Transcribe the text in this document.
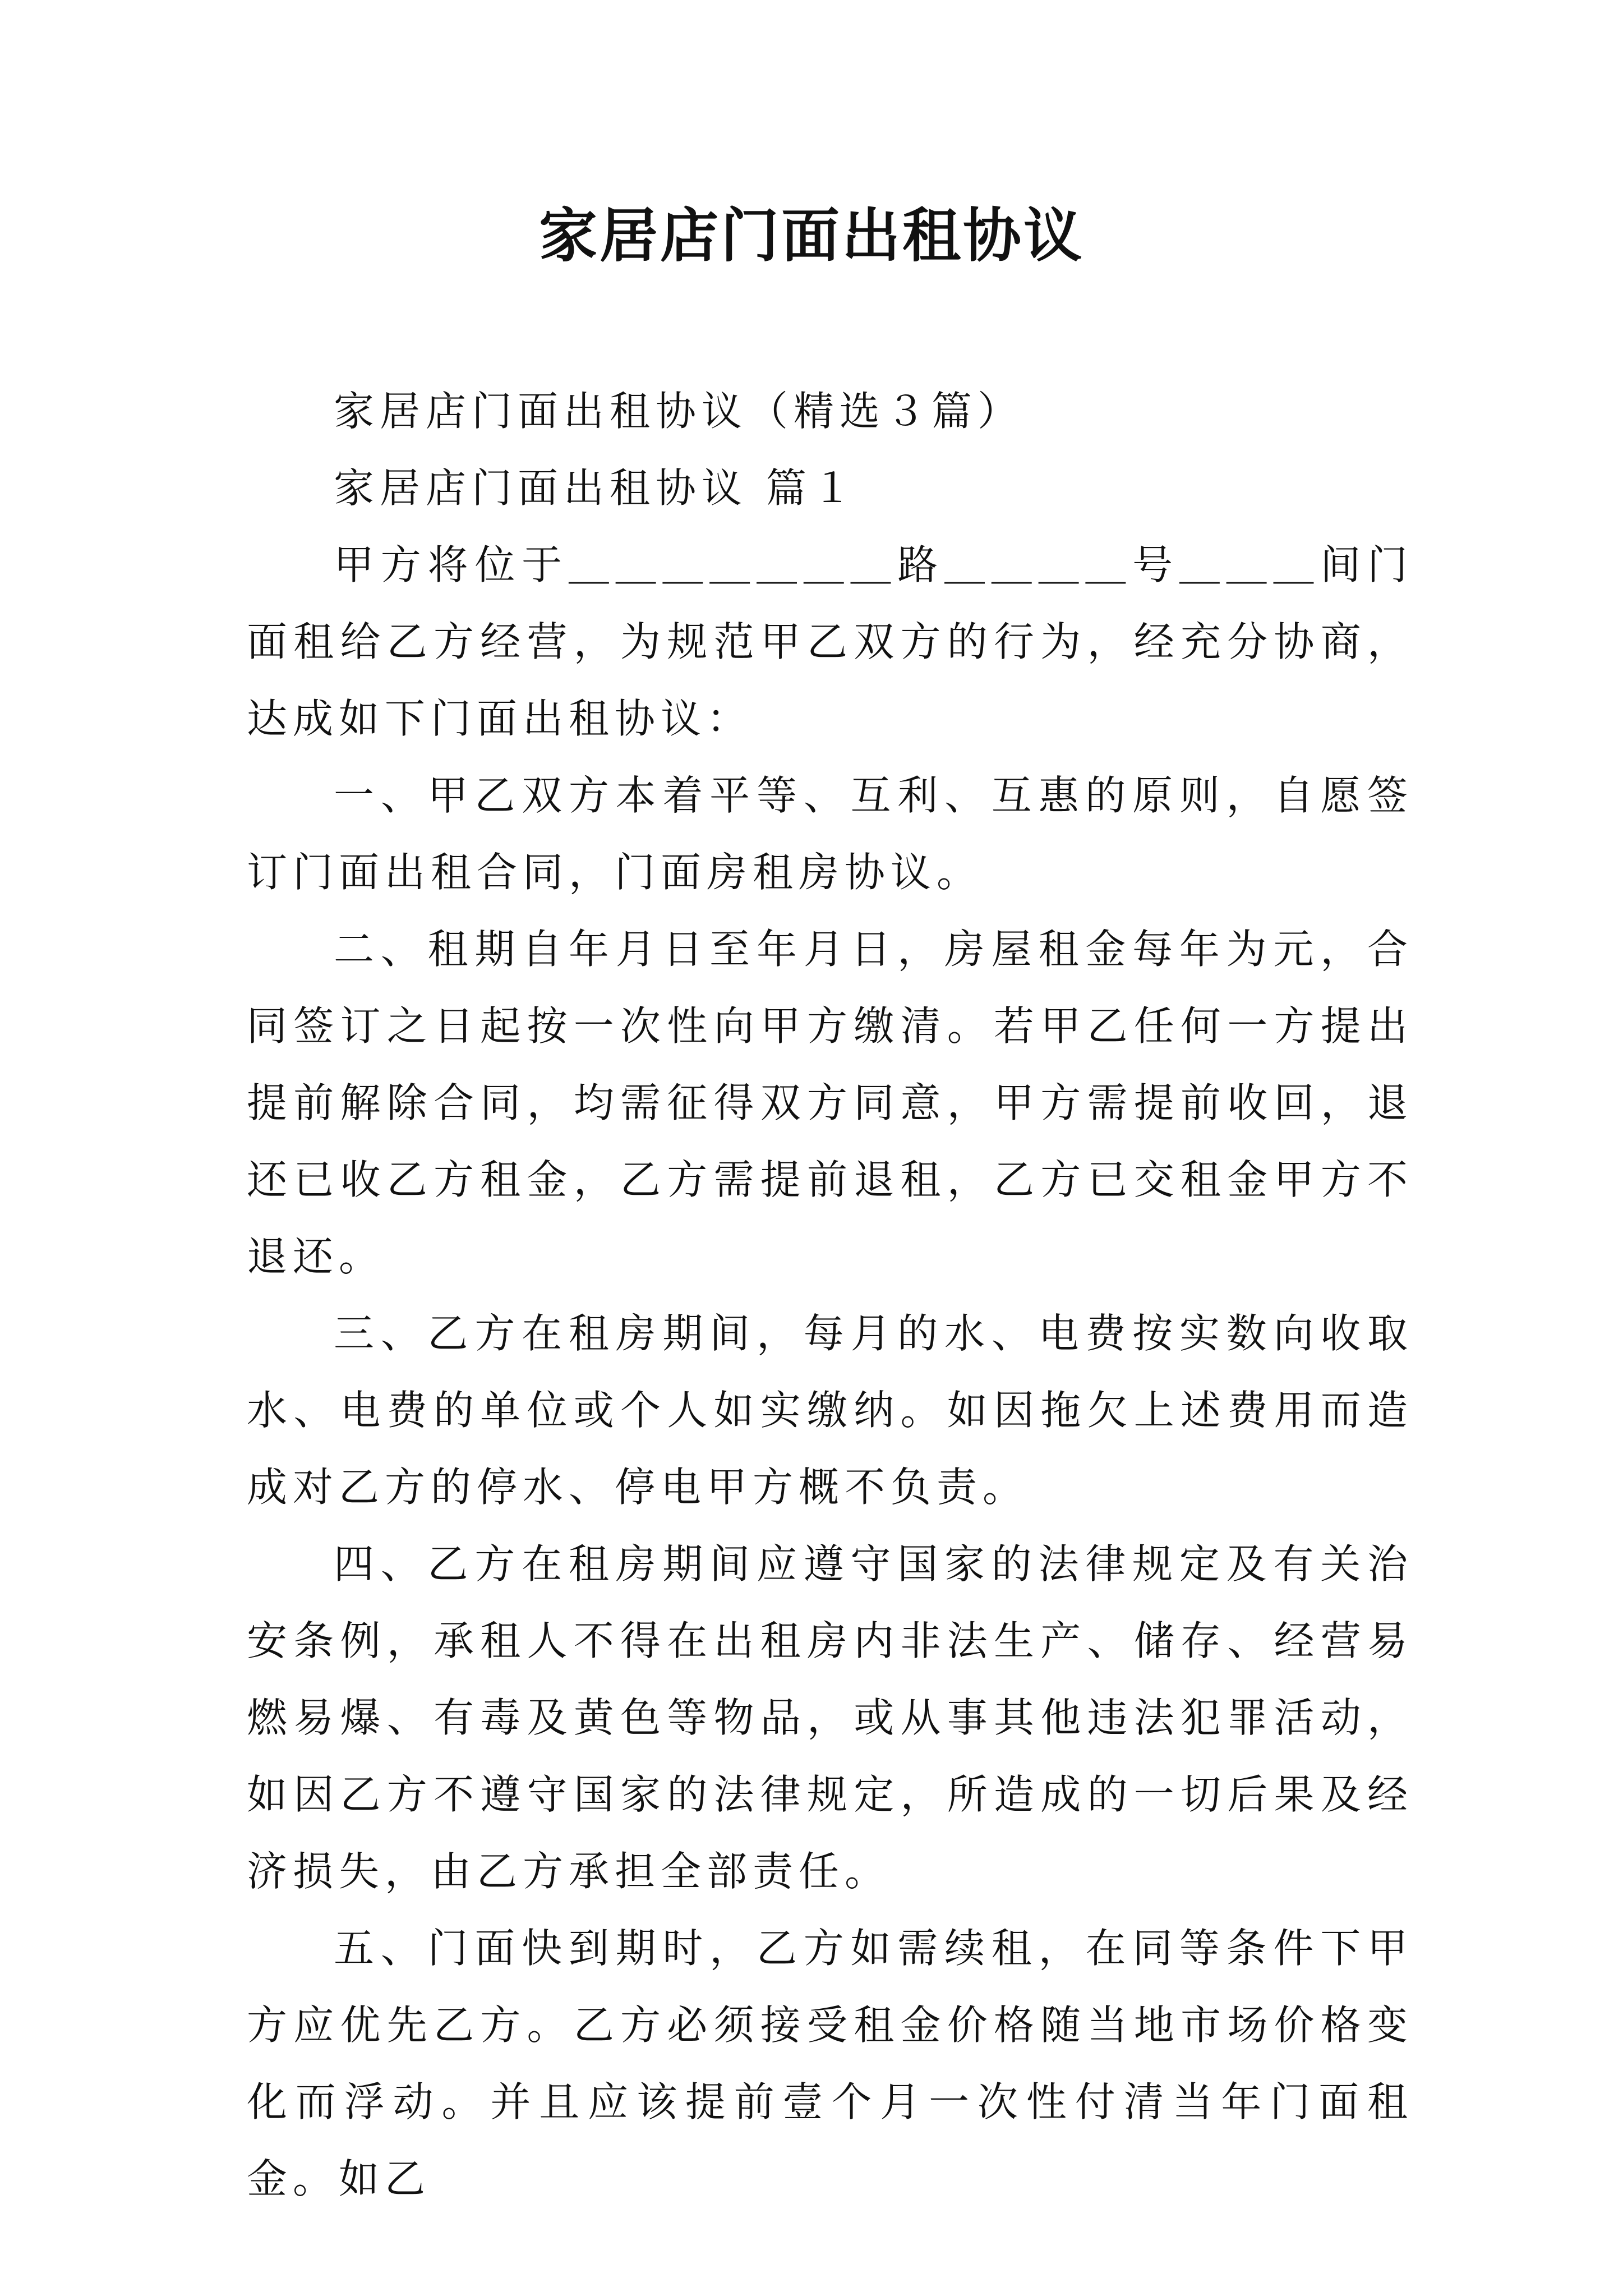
家居店门面出租协议

家居店门面出租协议（精选３篇）

家居店门面出租协议 篇１

甲方将位于＿＿＿＿＿＿＿路＿＿＿＿号＿＿＿间门面租给乙方经营，为规范甲乙双方的行为，经充分协商，达成如下门面出租协议：

一、甲乙双方本着平等、互利、互惠的原则，自愿签订门面出租合同，门面房租房协议。

二、租期自年月日至年月日，房屋租金每年为元，合同签订之日起按一次性向甲方缴清。若甲乙任何一方提出提前解除合同，均需征得双方同意，甲方需提前收回，退还已收乙方租金，乙方需提前退租，乙方已交租金甲方不退还。

三、乙方在租房期间，每月的水、电费按实数向收取水、电费的单位或个人如实缴纳。如因拖欠上述费用而造成对乙方的停水、停电甲方概不负责。

四、乙方在租房期间应遵守国家的法律规定及有关治安条例，承租人不得在出租房内非法生产、储存、经营易燃易爆、有毒及黄色等物品，或从事其他违法犯罪活动，如因乙方不遵守国家的法律规定，所造成的一切后果及经济损失，由乙方承担全部责任。

五、门面快到期时，乙方如需续租，在同等条件下甲方应优先乙方。乙方必须接受租金价格随当地市场价格变化而浮动。并且应该提前壹个月一次性付清当年门面租金。如乙
